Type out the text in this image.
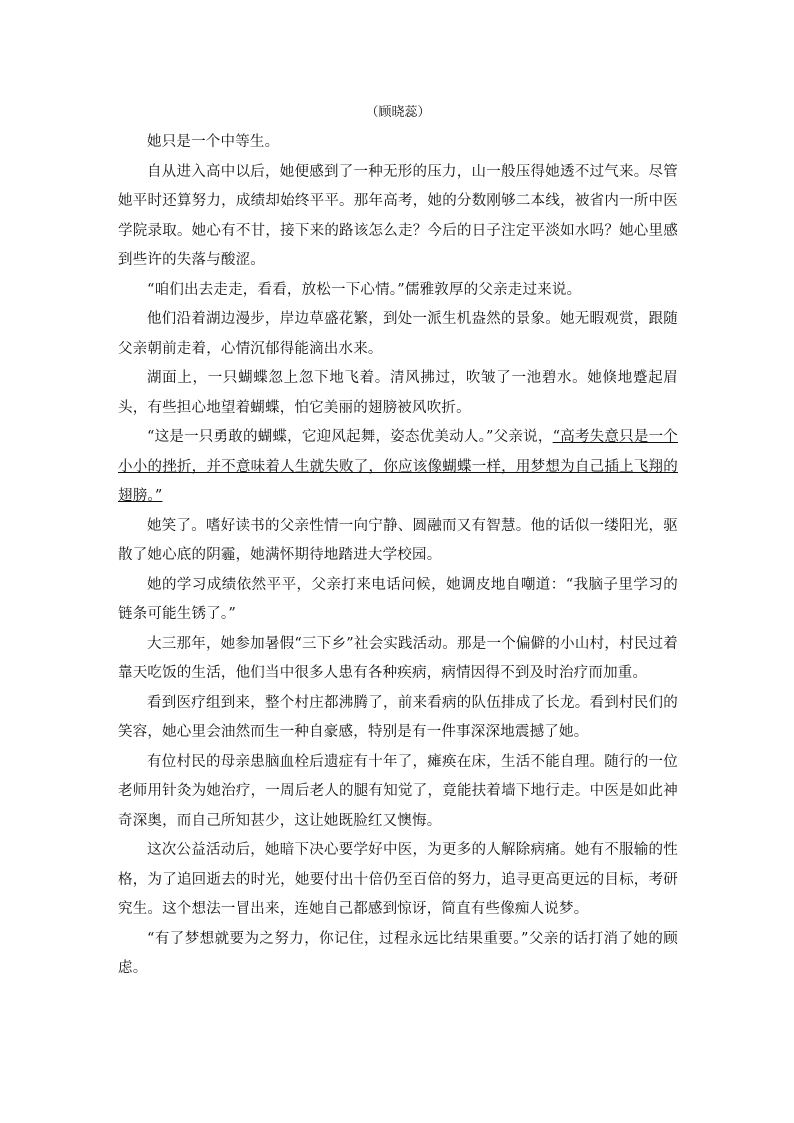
（顾晓蕊）

她只是一个中等生。

自从进入高中以后，她便感到了一种无形的压力，山一般压得她透不过气来。尽管她平时还算努力，成绩却始终平平。那年高考，她的分数刚够二本线，被省内一所中医学院录取。她心有不甘，接下来的路该怎么走？今后的日子注定平淡如水吗？她心里感到些许的失落与酸涩。

“咱们出去走走，看看，放松一下心情。”儒雅敦厚的父亲走过来说。

他们沿着湖边漫步，岸边草盛花繁，到处一派生机盎然的景象。她无暇观赏，跟随父亲朝前走着，心情沉郁得能滴出水来。

湖面上，一只蝴蝶忽上忽下地飞着。清风拂过，吹皱了一池碧水。她倏地蹙起眉头，有些担心地望着蝴蝶，怕它美丽的翅膀被风吹折。

“这是一只勇敢的蝴蝶，它迎风起舞，姿态优美动人。”父亲说，“高考失意只是一个小小的挫折，并不意味着人生就失败了，你应该像蝴蝶一样，用梦想为自己插上飞翔的翅膀。”

她笑了。嗜好读书的父亲性情一向宁静、圆融而又有智慧。他的话似一缕阳光，驱散了她心底的阴霾，她满怀期待地踏进大学校园。

她的学习成绩依然平平，父亲打来电话问候，她调皮地自嘲道：“我脑子里学习的链条可能生锈了。”

大三那年，她参加暑假“三下乡”社会实践活动。那是一个偏僻的小山村，村民过着靠天吃饭的生活，他们当中很多人患有各种疾病，病情因得不到及时治疗而加重。

看到医疗组到来，整个村庄都沸腾了，前来看病的队伍排成了长龙。看到村民们的笑容，她心里会油然而生一种自豪感，特别是有一件事深深地震撼了她。

有位村民的母亲患脑血栓后遗症有十年了，瘫痪在床，生活不能自理。随行的一位老师用针灸为她治疗，一周后老人的腿有知觉了，竟能扶着墙下地行走。中医是如此神奇深奥，而自己所知甚少，这让她既脸红又懊悔。

这次公益活动后，她暗下决心要学好中医，为更多的人解除病痛。她有不服输的性格，为了追回逝去的时光，她要付出十倍仍至百倍的努力，追寻更高更远的目标，考研究生。这个想法一冒出来，连她自己都感到惊讶，简直有些像痴人说梦。

“有了梦想就要为之努力，你记住，过程永远比结果重要。”父亲的话打消了她的顾虑。
